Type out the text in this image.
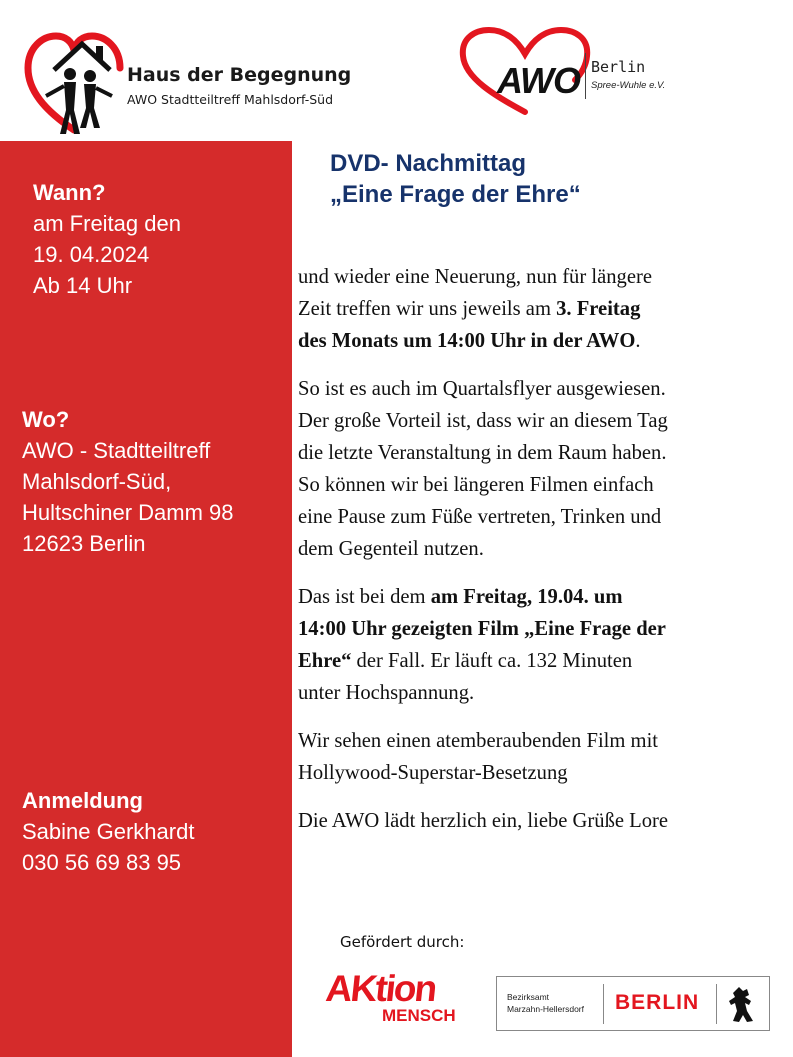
Haus der Begegnung
AWO Stadtteiltreff Mahlsdorf-Süd	AWO Berlin
Spree-Wuhle e.V.
Wann?
am Freitag den
19. 04.2024
Ab 14 Uhr
Wo?
AWO - Stadtteiltreff
Mahlsdorf-Süd,
Hultschiner Damm 98
12623 Berlin
Anmeldung
Sabine Gerkhardt
030 56 69 83 95
DVD- Nachmittag
„Eine Frage der Ehre“

und wieder eine Neuerung, nun für längere
Zeit treffen wir uns jeweils am 3. Freitag
des Monats um 14:00 Uhr in der AWO.

So ist es auch im Quartalsflyer ausgewiesen.
Der große Vorteil ist, dass wir an diesem Tag
die letzte Veranstaltung in dem Raum haben.
So können wir bei längeren Filmen einfach
eine Pause zum Füße vertreten, Trinken und
dem Gegenteil nutzen.

Das ist bei dem am Freitag, 19.04. um
14:00 Uhr gezeigten Film „Eine Frage der
Ehre“ der Fall. Er läuft ca. 132 Minuten
unter Hochspannung.

Wir sehen einen atemberaubenden Film mit
Hollywood-Superstar-Besetzung

Die AWO lädt herzlich ein, liebe Grüße Lore

Gefördert durch:
AKtion
MENSCH
Bezirksamt
Marzahn-Hellersdorf BERLIN
